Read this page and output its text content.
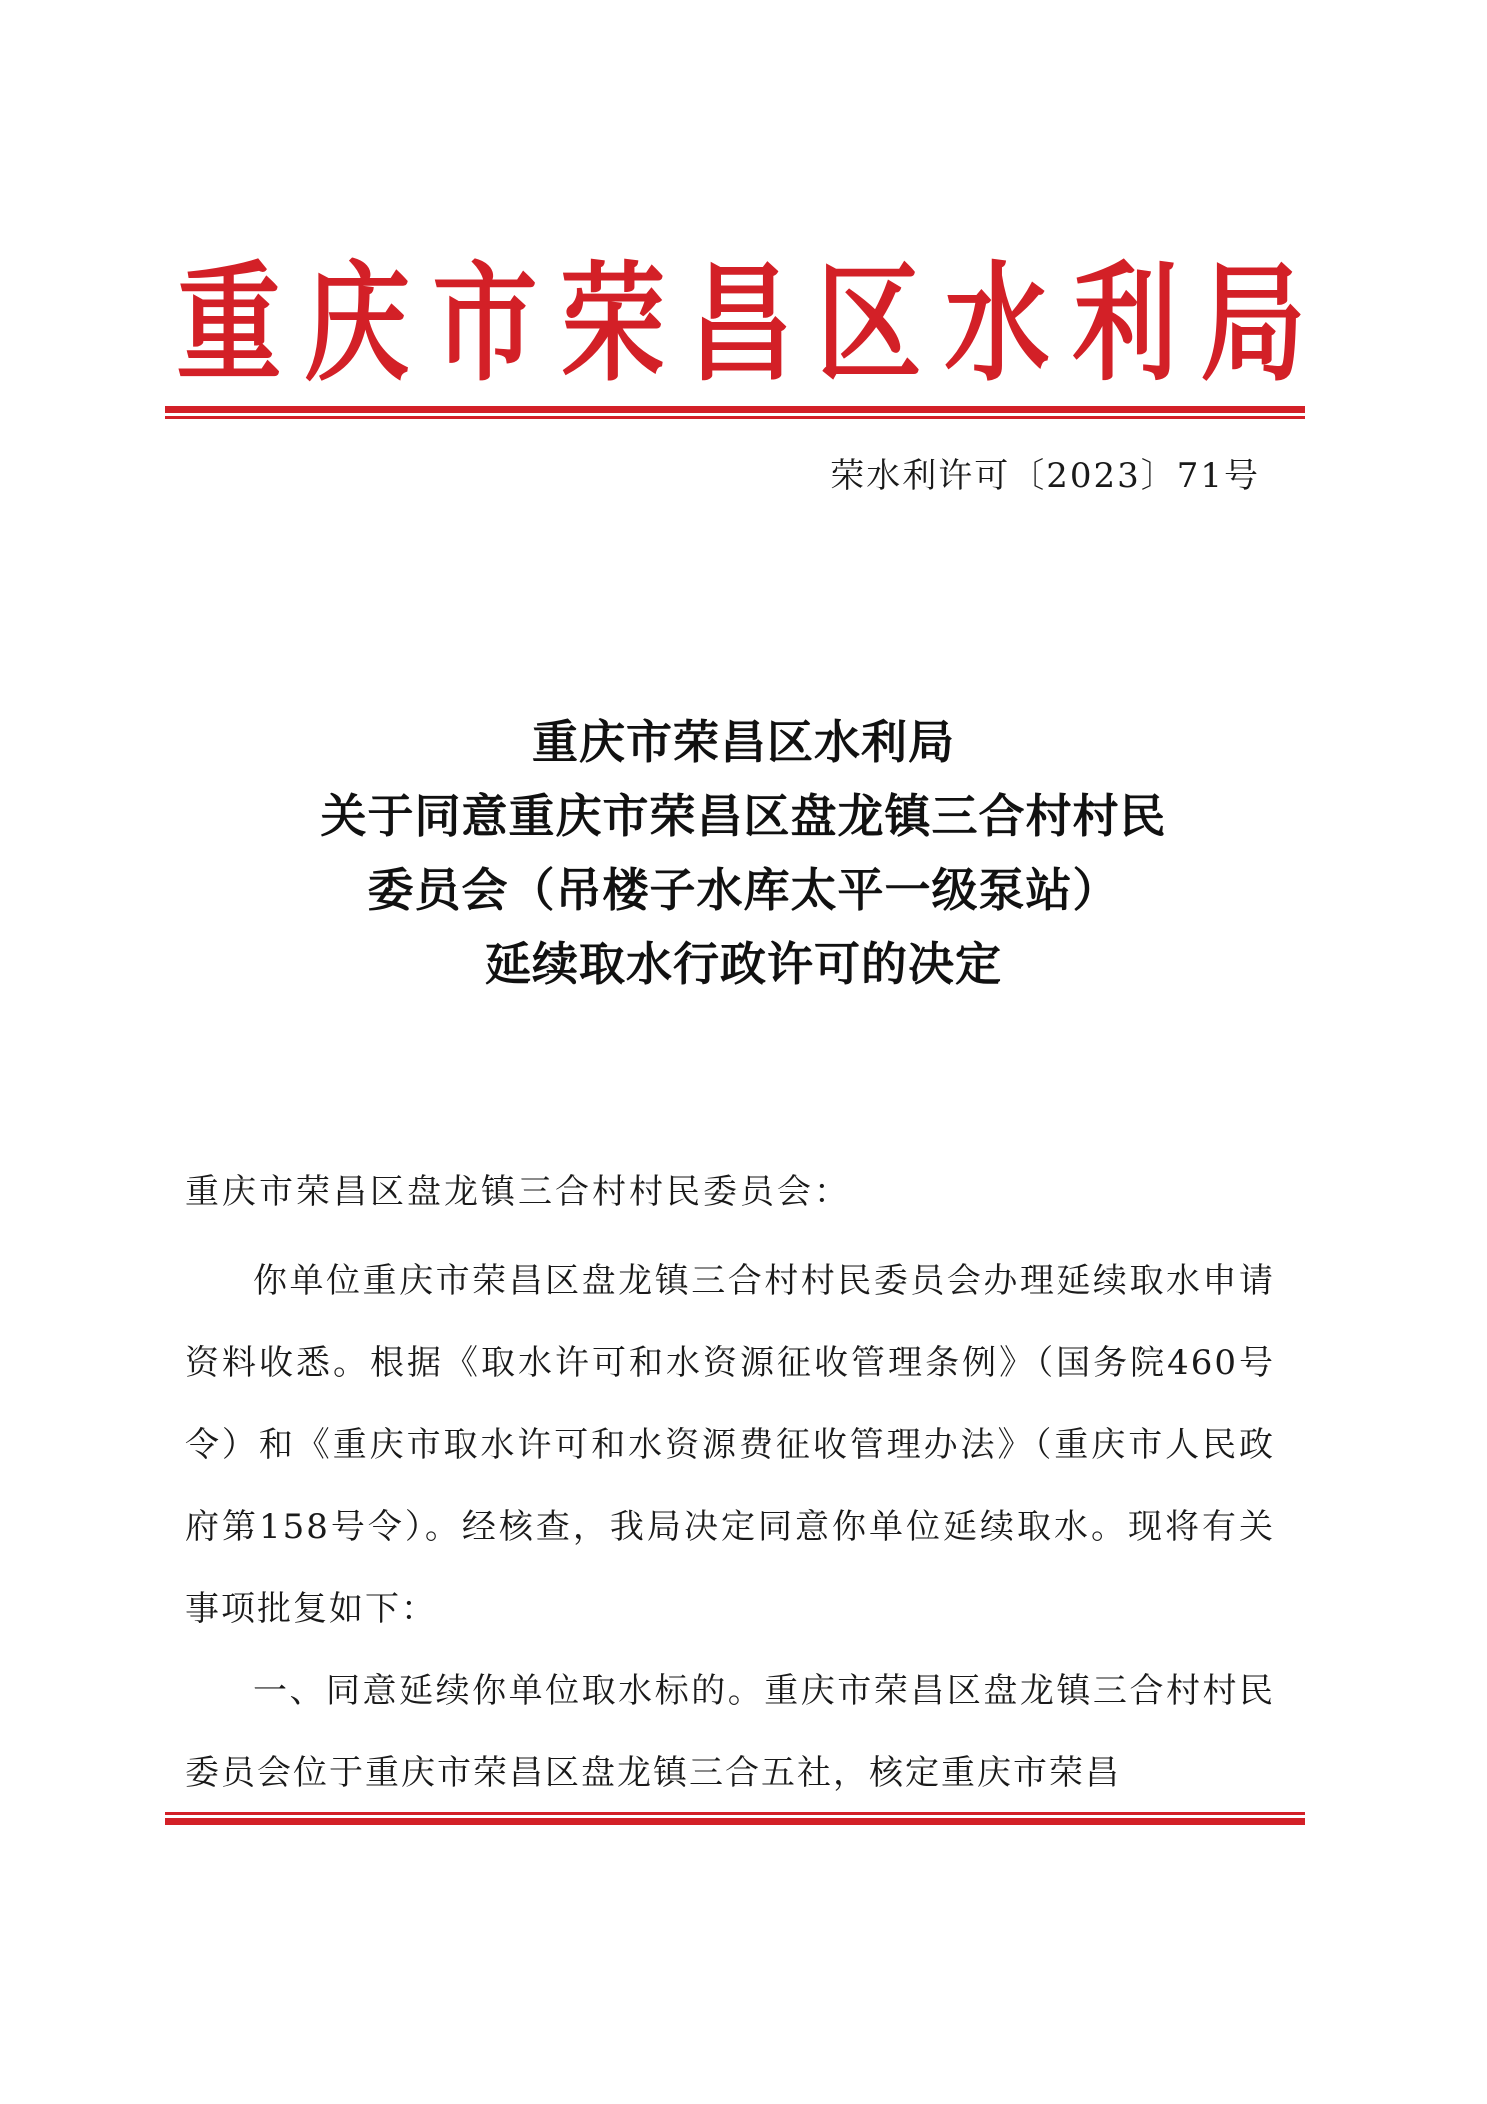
重 庆 市 荣 昌 区 水 利 局
荣水利许可〔2023〕71号
重庆市荣昌区水利局
关于同意重庆市荣昌区盘龙镇三合村村民
委员会（吊楼子水库太平一级泵站）
延续取水行政许可的决定
重庆市荣昌区盘龙镇三合村村民委员会：
你单位重庆市荣昌区盘龙镇三合村村民委员会办理延续取水申请资料收悉。根据《取水许可和水资源征收管理条例》（国务院460号令）和《重庆市取水许可和水资源费征收管理办法》（重庆市人民政府第158号令）。经核查，我局决定同意你单位延续取水。现将有关事项批复如下：
一、同意延续你单位取水标的。重庆市荣昌区盘龙镇三合村村民委员会位于重庆市荣昌区盘龙镇三合五社，核定重庆市荣昌
